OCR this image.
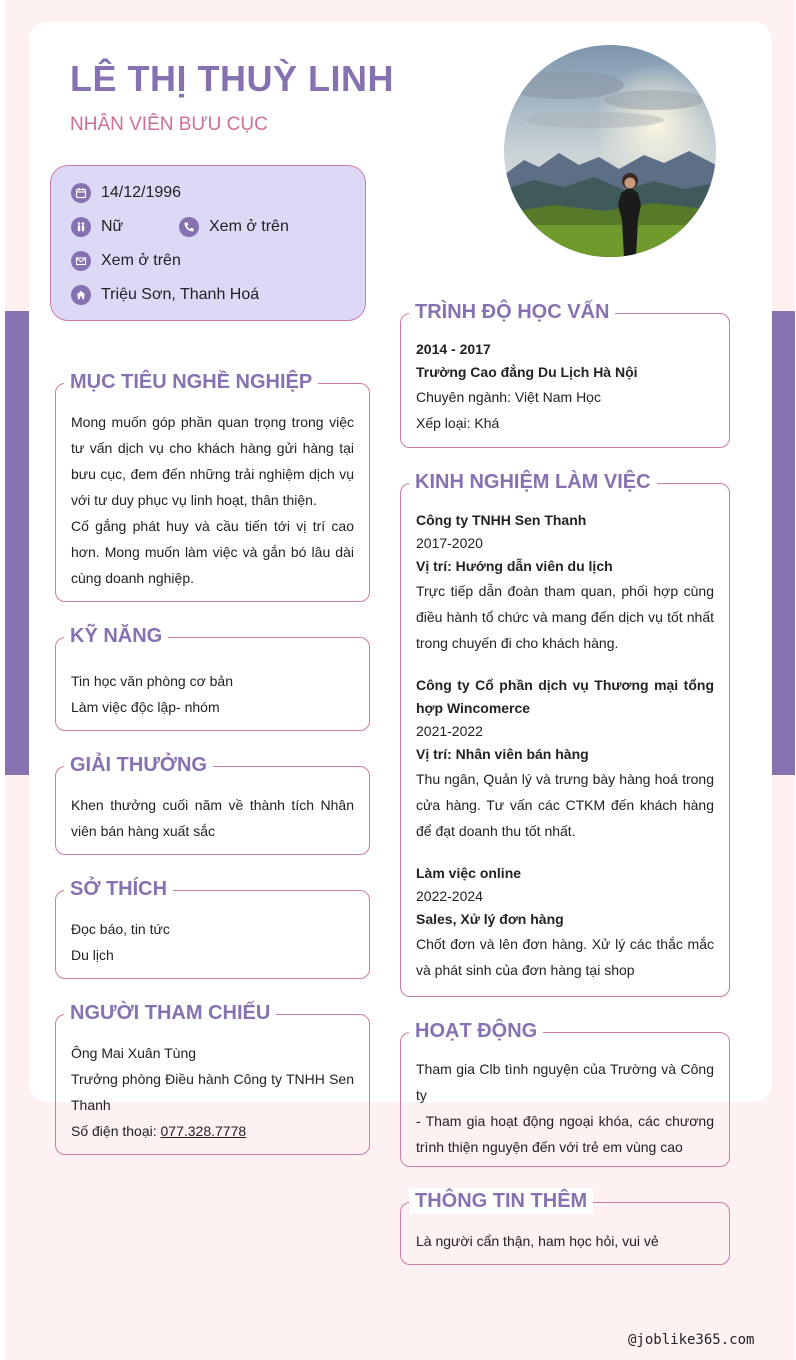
LÊ THỊ THUỲ LINH
NHÂN VIÊN BƯU CỤC
14/12/1996
Nữ	Xem ở trên
Xem ở trên
Triệu Sơn, Thanh Hoá
MỤC TIÊU NGHỀ NGHIỆP
Mong muốn góp phần quan trọng trong việc tư vấn dịch vụ cho khách hàng gửi hàng tại bưu cục, đem đến những trải nghiệm dịch vụ với tư duy phục vụ linh hoạt, thân thiện.
Cố gắng phát huy và cầu tiến tới vị trí cao hơn. Mong muốn làm việc và gắn bó lâu dài cùng doanh nghiệp.
KỸ NĂNG
Tin học văn phòng cơ bản
Làm việc độc lập- nhóm
GIẢI THƯỞNG
Khen thưởng cuối năm về thành tích Nhân viên bán hàng xuất sắc
SỞ THÍCH
Đọc báo, tin tức
Du lịch
NGƯỜI THAM CHIẾU
Ông Mai Xuân Tùng
Trưởng phòng Điều hành Công ty TNHH Sen Thanh
Số điện thoại: 077.328.7778
TRÌNH ĐỘ HỌC VẤN
2014 - 2017
Trường Cao đẳng Du Lịch Hà Nội
Chuyên ngành: Việt Nam Học
Xếp loại: Khá
KINH NGHIỆM LÀM VIỆC
Công ty TNHH Sen Thanh
2017-2020
Vị trí: Hướng dẫn viên du lịch
Trực tiếp dẫn đoàn tham quan, phối hợp cùng điều hành tổ chức và mang đến dịch vụ tốt nhất trong chuyến đi cho khách hàng.
Công ty Cổ phần dịch vụ Thương mại tổng hợp Wincomerce
2021-2022
Vị trí: Nhân viên bán hàng
Thu ngân, Quản lý và trưng bày hàng hoá trong cửa hàng. Tư vấn các CTKM đến khách hàng để đạt doanh thu tốt nhất.
Làm việc online
2022-2024
Sales, Xử lý đơn hàng
Chốt đơn và lên đơn hàng. Xử lý các thắc mắc và phát sinh của đơn hàng tại shop
HOẠT ĐỘNG
Tham gia Clb tình nguyện của Trường và Công ty
- Tham gia hoạt động ngoại khóa, các chương trình thiện nguyện đến với trẻ em vùng cao
THÔNG TIN THÊM
Là người cẩn thận, ham học hỏi, vui vẻ
@joblike365.com
